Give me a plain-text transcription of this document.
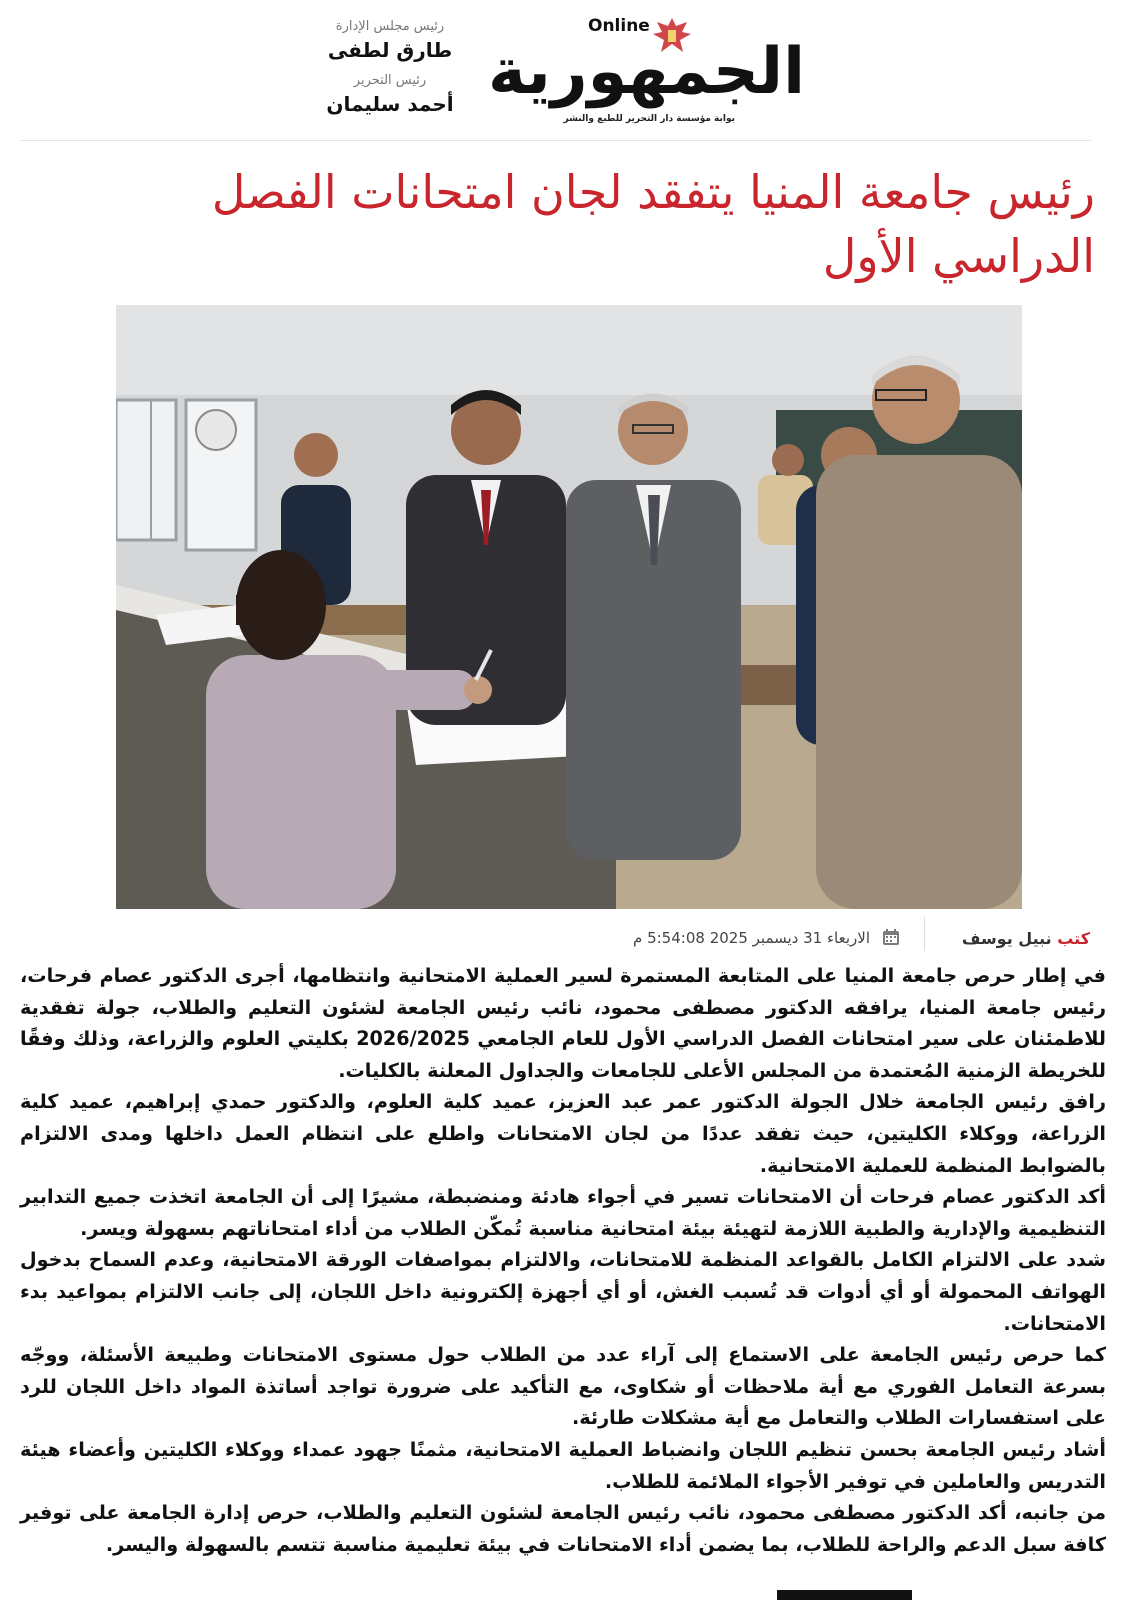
Online
الجمهورية
بوابة مؤسسة دار التحرير للطبع والنشر
رئيس مجلس الإدارة
طارق لطفى
رئيس التحرير
أحمد سليمان
رئيس جامعة المنيا يتفقد لجان امتحانات الفصل
الدراسي الأول
كتب نبيل يوسف
الاربعاء 31 ديسمبر 2025 5:54:08 م

في إطار حرص جامعة المنيا على المتابعة المستمرة لسير العملية الامتحانية وانتظامها، أجرى الدكتور عصام فرحات، رئيس جامعة المنيا، يرافقه الدكتور مصطفى محمود، نائب رئيس الجامعة لشئون التعليم والطلاب، جولة تفقدية للاطمئنان على سير امتحانات الفصل الدراسي الأول للعام الجامعي 2026/2025 بكليتي العلوم والزراعة، وذلك وفقًا للخريطة الزمنية المُعتمدة من المجلس الأعلى للجامعات والجداول المعلنة بالكليات.

رافق رئيس الجامعة خلال الجولة الدكتور عمر عبد العزيز، عميد كلية العلوم، والدكتور حمدي إبراهيم، عميد كلية الزراعة، ووكلاء الكليتين، حيث تفقد عددًا من لجان الامتحانات واطلع على انتظام العمل داخلها ومدى الالتزام بالضوابط المنظمة للعملية الامتحانية.

أكد الدكتور عصام فرحات أن الامتحانات تسير في أجواء هادئة ومنضبطة، مشيرًا إلى أن الجامعة اتخذت جميع التدابير التنظيمية والإدارية والطبية اللازمة لتهيئة بيئة امتحانية مناسبة تُمكّن الطلاب من أداء امتحاناتهم بسهولة ويسر.

شدد على الالتزام الكامل بالقواعد المنظمة للامتحانات، والالتزام بمواصفات الورقة الامتحانية، وعدم السماح بدخول الهواتف المحمولة أو أي أدوات قد تُسبب الغش، أو أي أجهزة إلكترونية داخل اللجان، إلى جانب الالتزام بمواعيد بدء الامتحانات.

كما حرص رئيس الجامعة على الاستماع إلى آراء عدد من الطلاب حول مستوى الامتحانات وطبيعة الأسئلة، ووجّه بسرعة التعامل الفوري مع أية ملاحظات أو شكاوى، مع التأكيد على ضرورة تواجد أساتذة المواد داخل اللجان للرد على استفسارات الطلاب والتعامل مع أية مشكلات طارئة.

أشاد رئيس الجامعة بحسن تنظيم اللجان وانضباط العملية الامتحانية، مثمنًا جهود عمداء ووكلاء الكليتين وأعضاء هيئة التدريس والعاملين في توفير الأجواء الملائمة للطلاب.

من جانبه، أكد الدكتور مصطفى محمود، نائب رئيس الجامعة لشئون التعليم والطلاب، حرص إدارة الجامعة على توفير كافة سبل الدعم والراحة للطلاب، بما يضمن أداء الامتحانات في بيئة تعليمية مناسبة تتسم بالسهولة واليسر.
